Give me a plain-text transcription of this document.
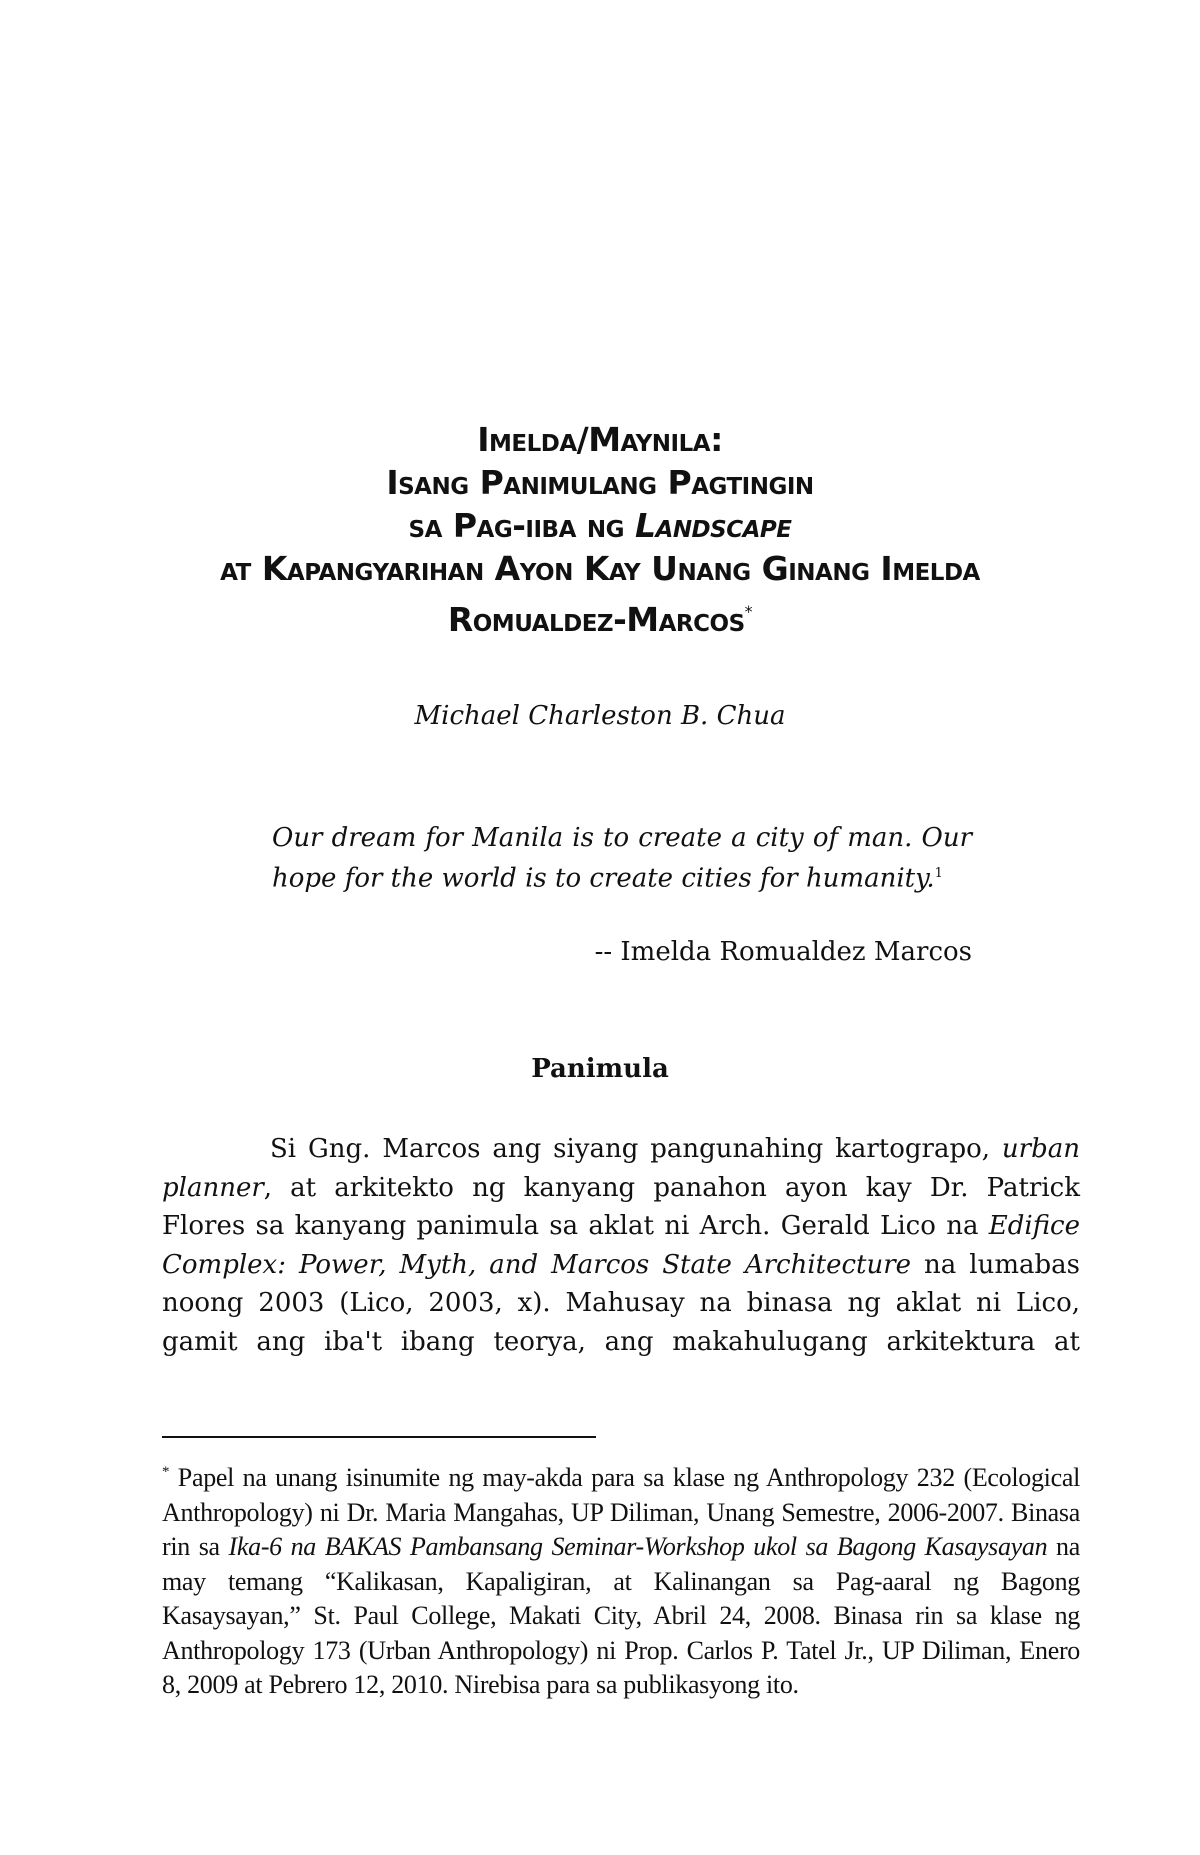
Imelda/Maynila:
Isang Panimulang Pagtingin
sa Pag-iiba ng Landscape
at Kapangyarihan Ayon Kay Unang Ginang Imelda
Romualdez-Marcos*
Michael Charleston B. Chua
Our dream for Manila is to create a city of man. Our hope for the world is to create cities for humanity.$^1$
-- Imelda Romualdez Marcos
Panimula
Si Gng. Marcos ang siyang pangunahing kartograpo, urban planner, at arkitekto ng kanyang panahon ayon kay Dr. Patrick Flores sa kanyang panimula sa aklat ni Arch. Gerald Lico na Edifice Complex: Power, Myth, and Marcos State Architecture na lumabas noong 2003 (Lico, 2003, x). Mahusay na binasa ng aklat ni Lico, gamit ang iba't ibang teorya, ang makahulugang arkitektura at
* Papel na unang isinumite ng may-akda para sa klase ng Anthropology 232 (Ecological Anthropology) ni Dr. Maria Mangahas, UP Diliman, Unang Semestre, 2006-2007. Binasa rin sa Ika-6 na BAKAS Pambansang Seminar-Workshop ukol sa Bagong Kasaysayan na may temang “Kalikasan, Kapaligiran, at Kalinangan sa Pag-aaral ng Bagong Kasaysayan,” St. Paul College, Makati City, Abril 24, 2008. Binasa rin sa klase ng Anthropology 173 (Urban Anthropology) ni Prop. Carlos P. Tatel Jr., UP Diliman, Enero 8, 2009 at Pebrero 12, 2010. Nirebisa para sa publikasyong ito.
